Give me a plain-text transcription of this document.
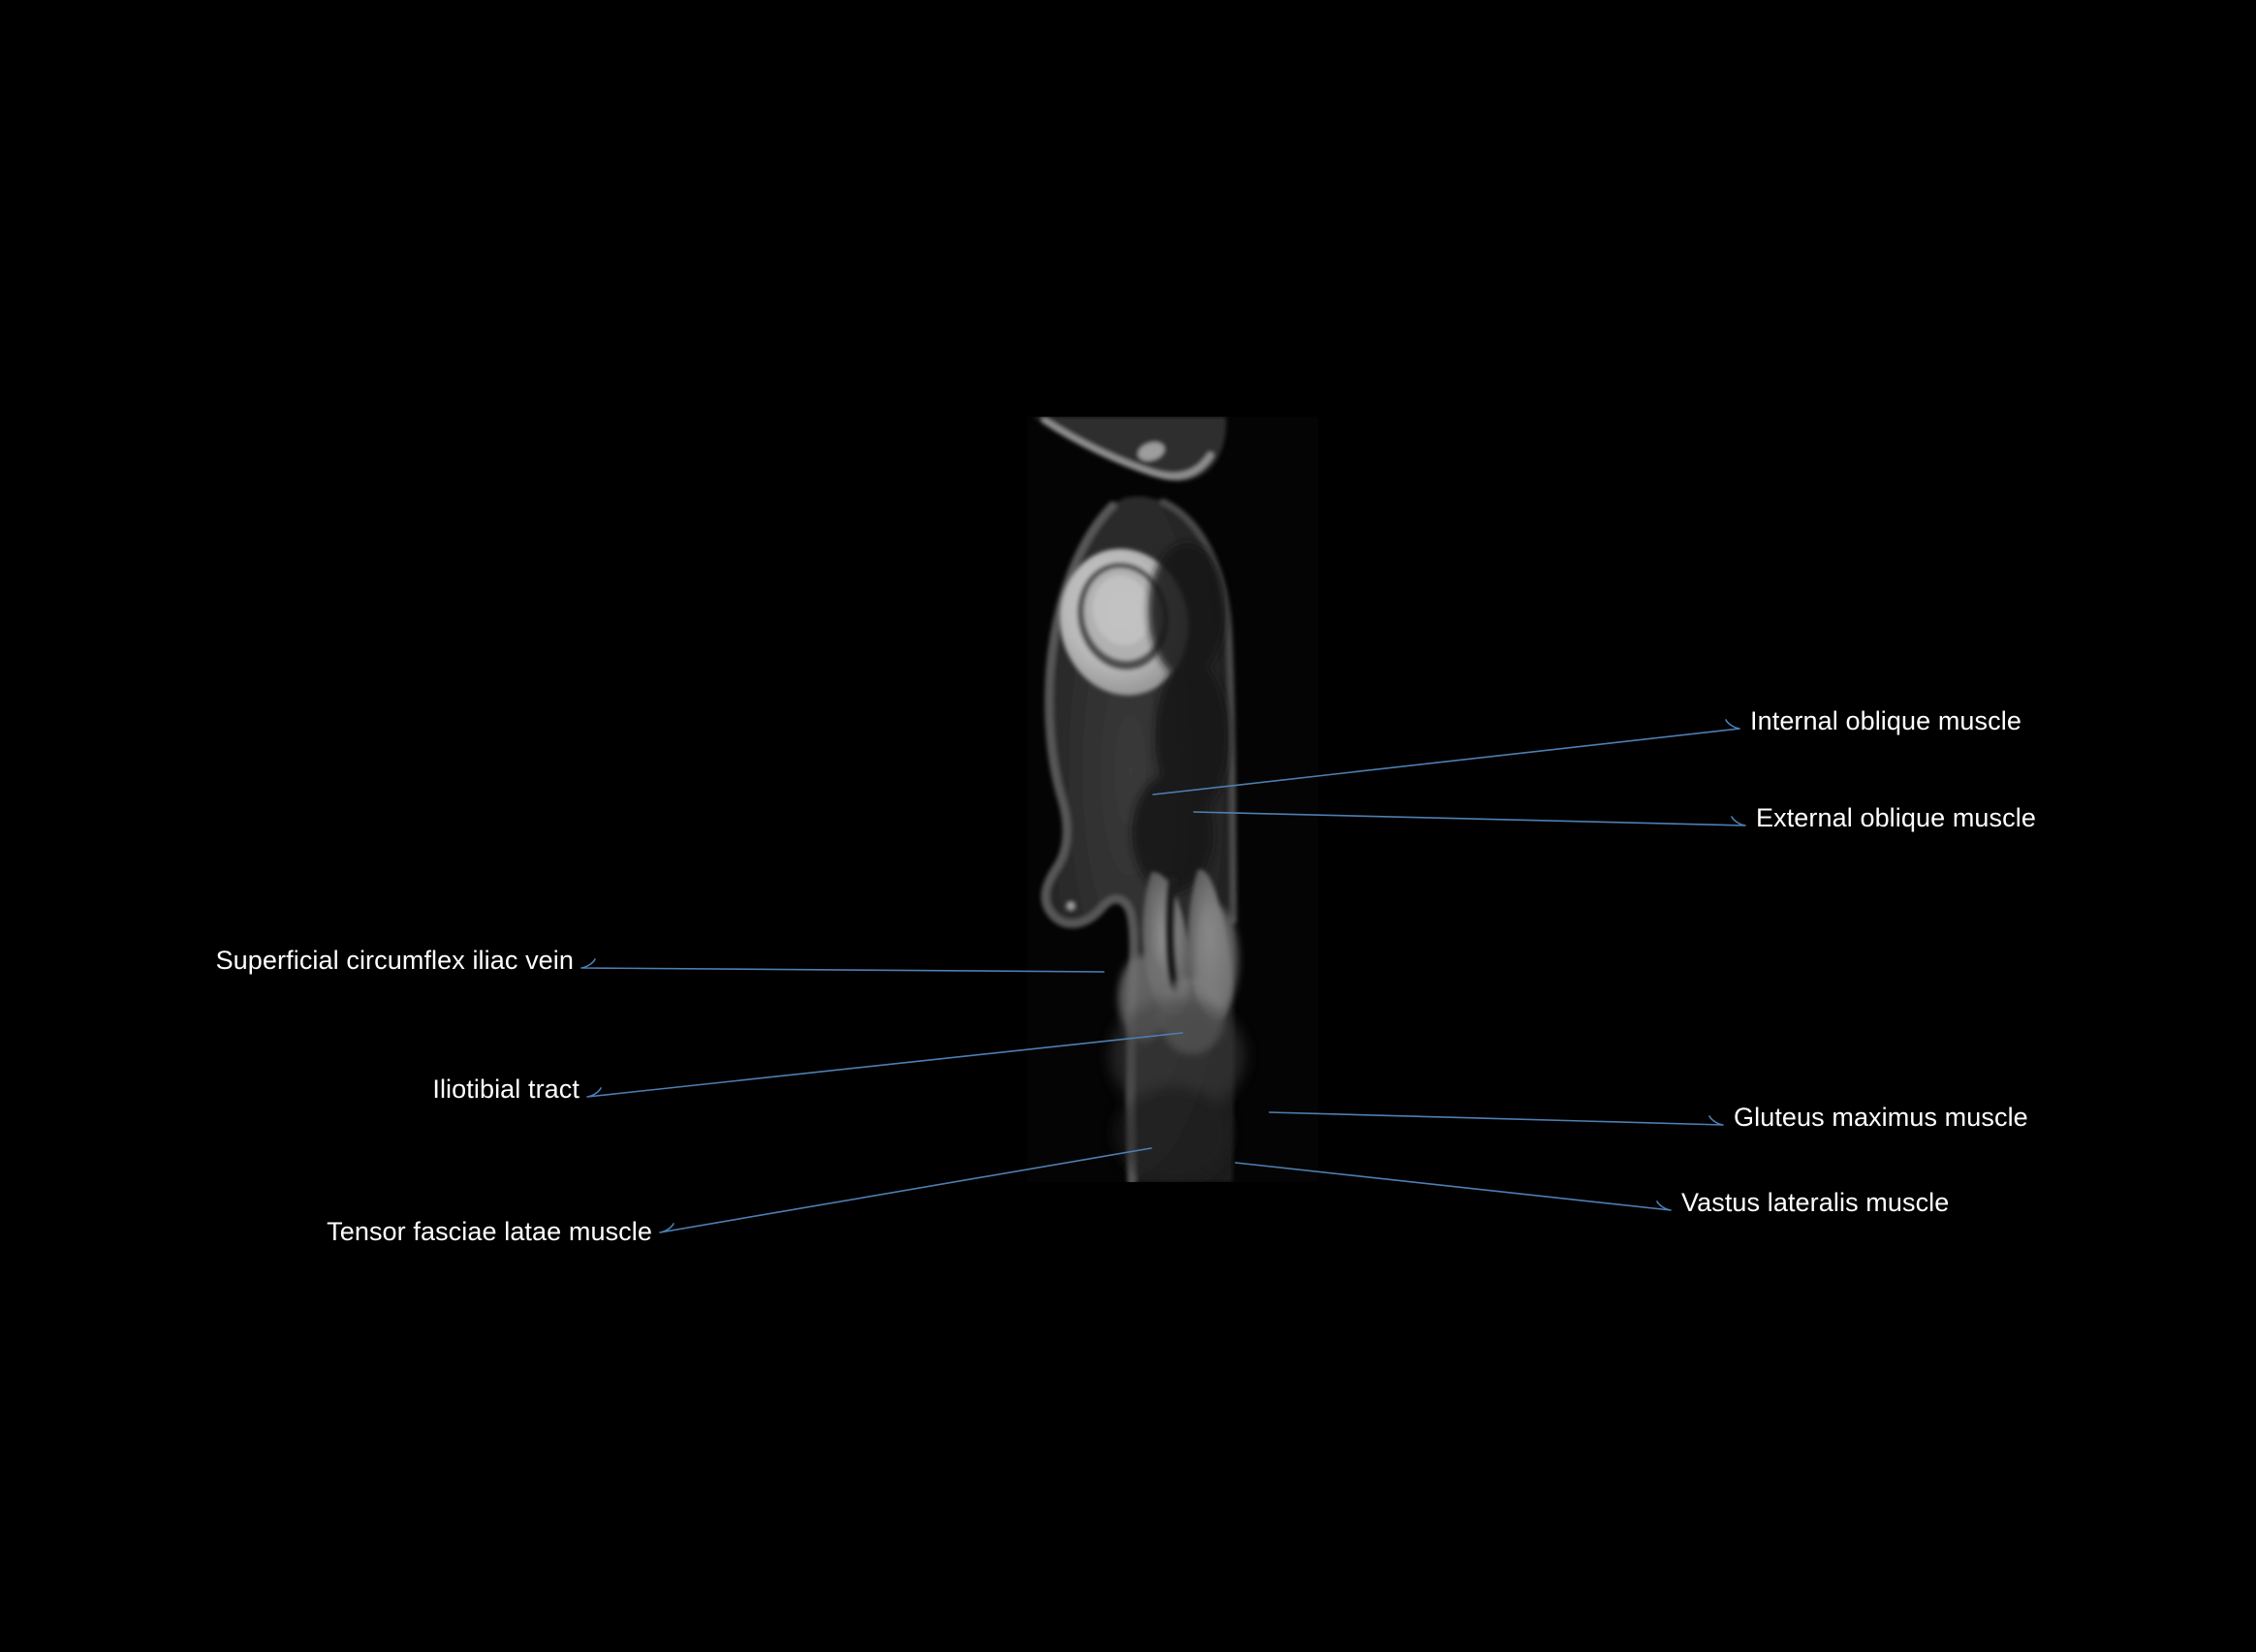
Internal oblique muscle
External oblique muscle
Superficial circumflex iliac vein
Iliotibial tract
Gluteus maximus muscle
Vastus lateralis muscle
Tensor fasciae latae muscle
